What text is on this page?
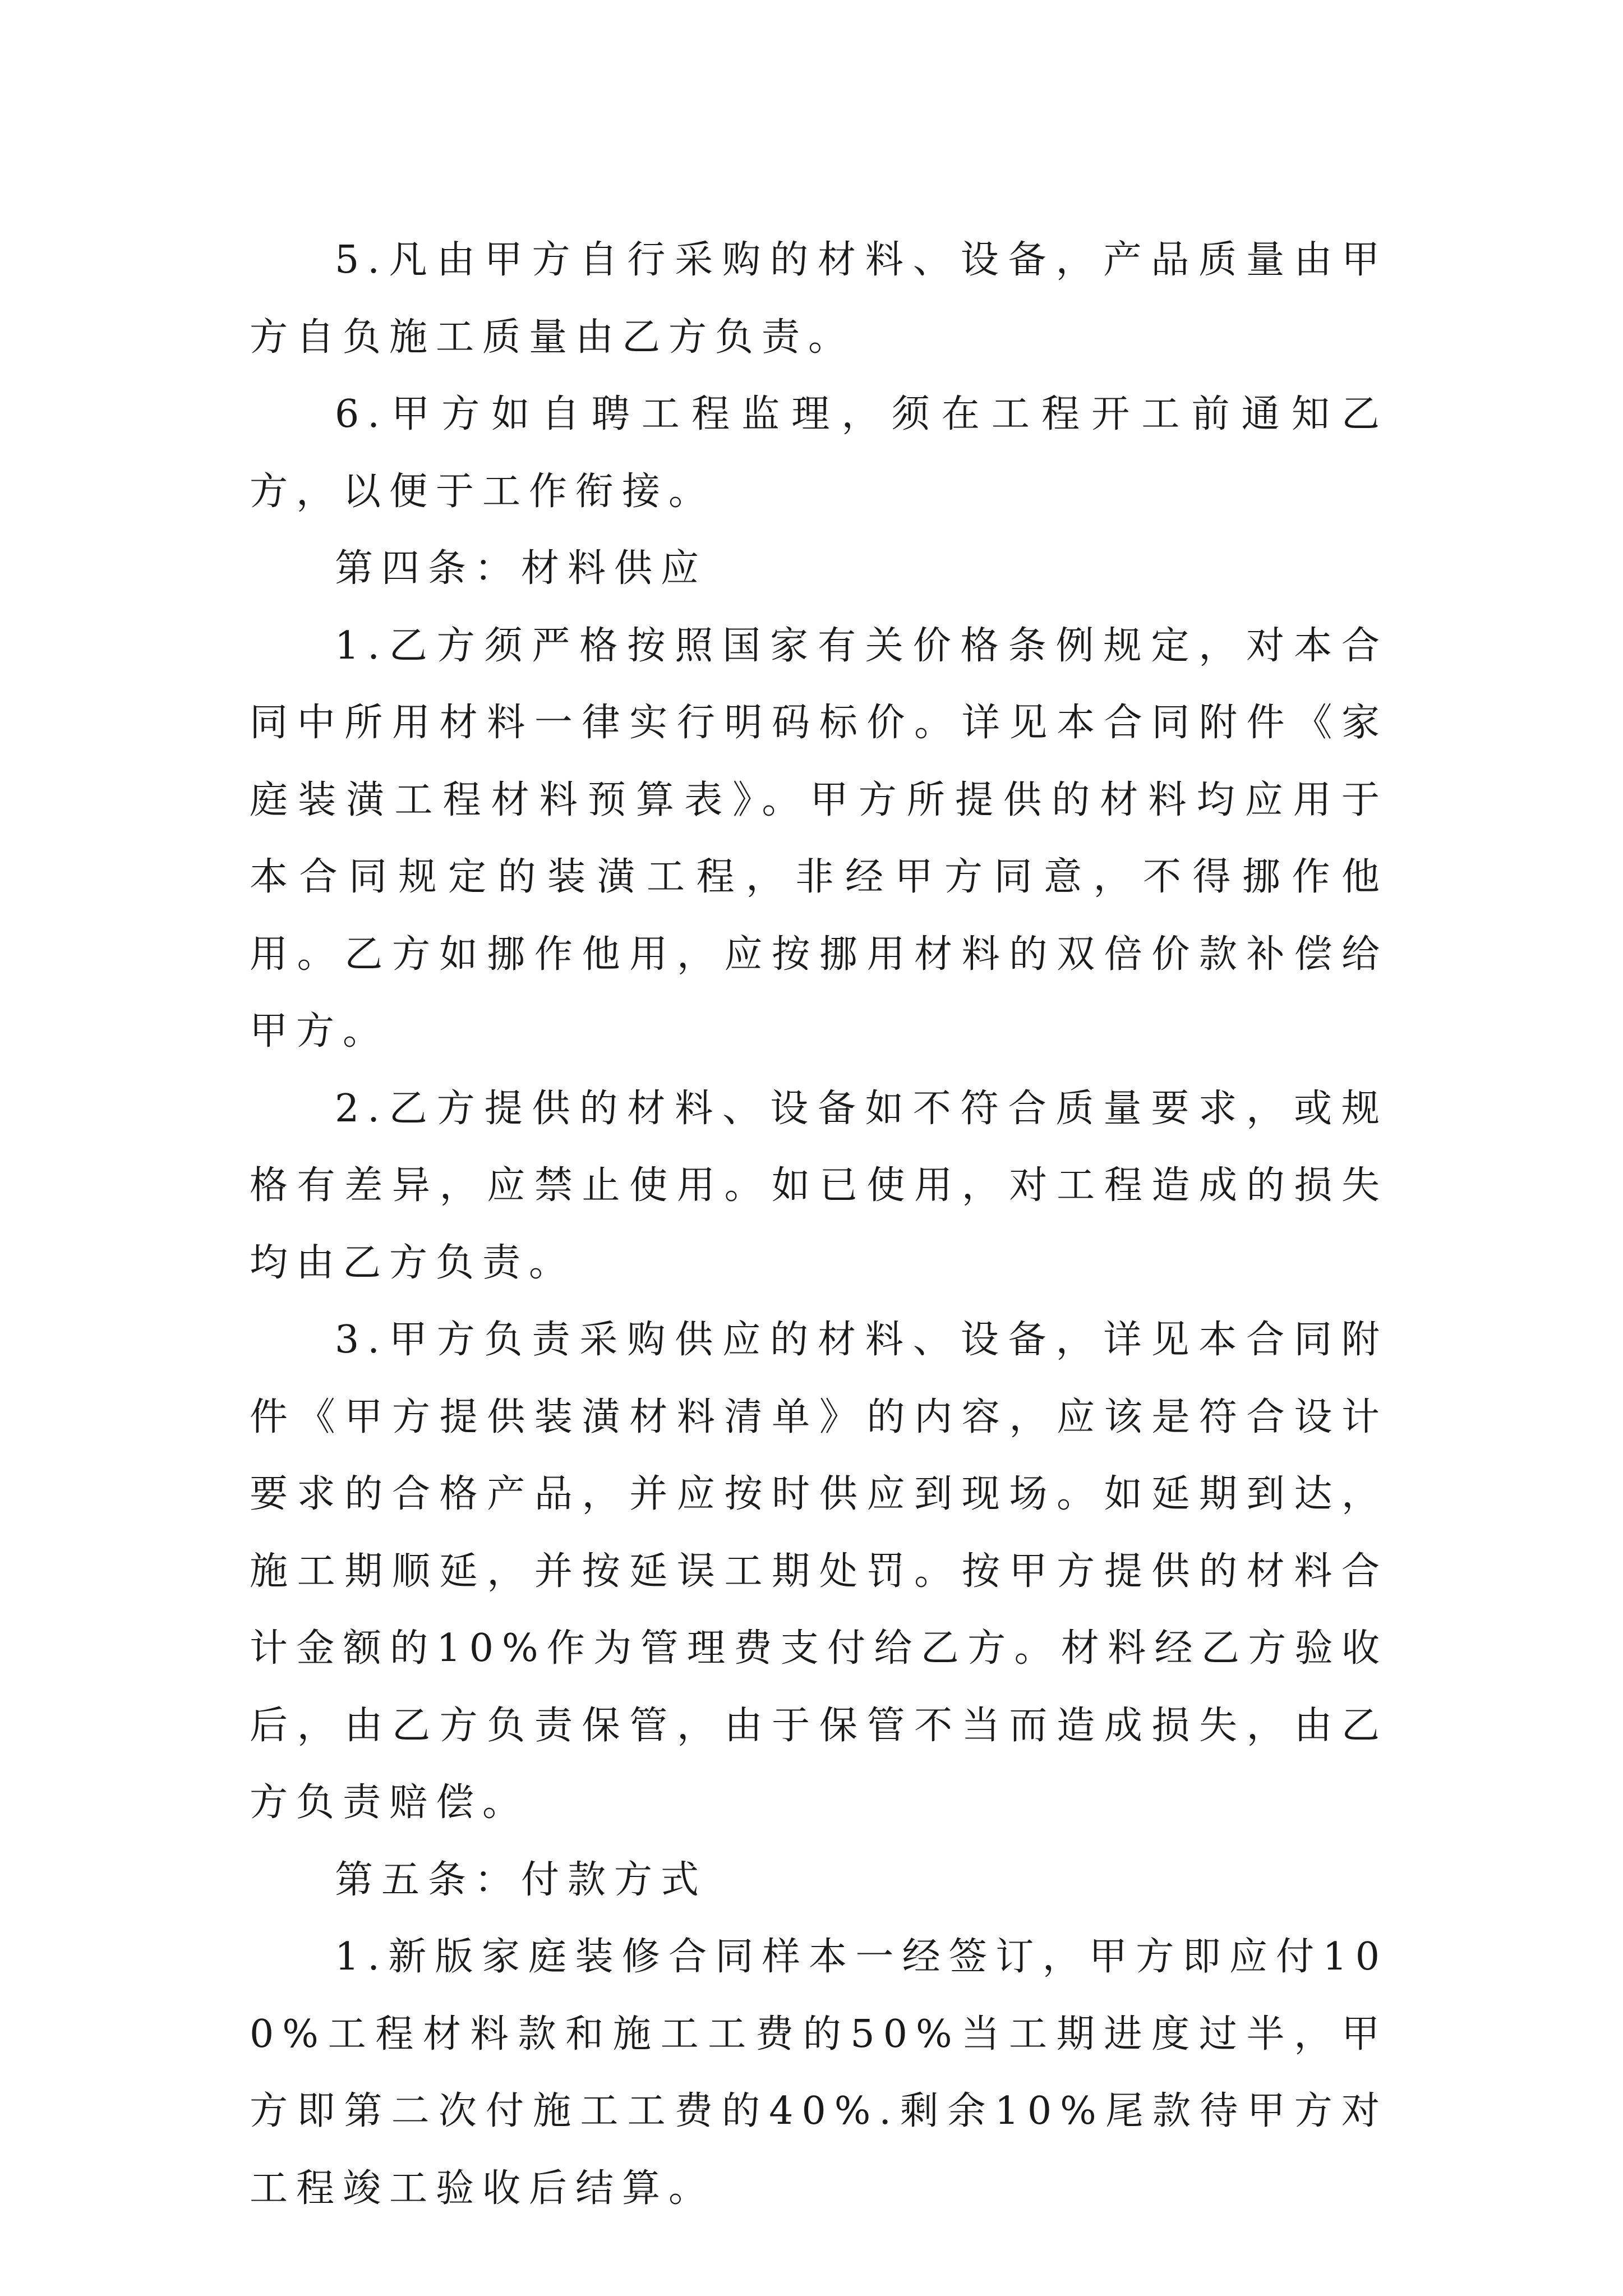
5.凡由甲方自行采购的材料、设备，产品质量由甲方自负施工质量由乙方负责。

6.甲方如自聘工程监理，须在工程开工前通知乙方，以便于工作衔接。

第四条：材料供应

1.乙方须严格按照国家有关价格条例规定，对本合同中所用材料一律实行明码标价。详见本合同附件《家庭装潢工程材料预算表》。甲方所提供的材料均应用于本合同规定的装潢工程，非经甲方同意，不得挪作他用。乙方如挪作他用，应按挪用材料的双倍价款补偿给甲方。

2.乙方提供的材料、设备如不符合质量要求，或规格有差异，应禁止使用。如已使用，对工程造成的损失均由乙方负责。

3.甲方负责采购供应的材料、设备，详见本合同附件《甲方提供装潢材料清单》的内容，应该是符合设计要求的合格产品，并应按时供应到现场。如延期到达，施工期顺延，并按延误工期处罚。按甲方提供的材料合计金额的10%作为管理费支付给乙方。材料经乙方验收后，由乙方负责保管，由于保管不当而造成损失，由乙方负责赔偿。

第五条：付款方式

1.新版家庭装修合同样本一经签订，甲方即应付100%工程材料款和施工工费的50%当工期进度过半，甲方即第二次付施工工费的40%.剩余10%尾款待甲方对工程竣工验收后结算。
